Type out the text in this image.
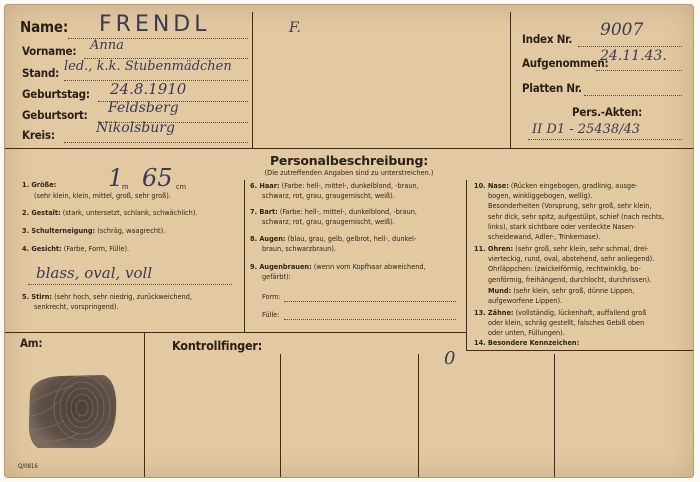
Name: FRENDL	F.
Vorname: Anna
Stand: led., k.k. Stubenmädchen
Geburtstag: 24.8.1910
Geburtsort: Feldsberg
Kreis:	Nikolsburg
Index Nr. 9007
Aufgenommen:
24.11.43.
Platten Nr.
Pers.-Akten:
II D1 - 25438/43
Personalbeschreibung:
(Die zutreffenden Angaben sind zu unterstreichen.)
1. Größe:	1
m 65 cm
(sehr klein, klein, mittel, groß, sehr groß).
2. Gestalt: (stark, untersetzt, schlank, schwächlich).
3. Schulterneigung: (schräg, waagrecht).
4. Gesicht: (Farbe, Form, Fülle).
blass, oval, voll
5. Stirn: (sehr hoch, sehr niedrig, zurückweichend,
senkrecht, vorspringend).
6. Haar: (Farbe: hell-, mittel-, dunkelblond, -braun,
schwarz, rot, grau, graugemischt, weiß).
7. Bart: (Farbe: hell-, mittel-, dunkelblond, -braun,
schwarz, rot, grau, graugemischt, weiß).
8. Augen: (blau, grau, gelb, gelbrot, hell-, dunkel-
braun, schwarzbraun).
9. Augenbrauen: (wenn vom Kopfhaar abweichend,
gefärbt):
Form:
Fülle:
10. Nase: (Rücken eingebogen, gradlinig, ausge-
bogen, winkliggebogen, wellig).
Besonderheiten (Vorsprung, sehr groß, sehr klein,
sehr dick, sehr spitz, aufgestülpt, schief (nach rechts,
links), stark sichtbare oder verdeckte Nasen-
scheidewand, Adler-, Trinkernase).
11. Ohren: (sehr groß, sehr klein, sehr schmal, drei-
vierteckig, rund, oval, abstehend, sehr anliegend).
Ohrläppchen: (zwickelförmig, rechtwinklig, bo-
genförmig, freihängend, durchlocht, durchrissen).
Mund: (sehr klein, sehr groß, dünne Lippen,
aufgeworfene Lippen).
13. Zähne: (vollständig, lückenhaft, auffallend groß
oder klein, schräg gestellt, falsches Gebiß oben
oder unten, Füllungen).
14. Besondere Kennzeichen:
Am:	Kontrollfinger:
0
Q/0816
